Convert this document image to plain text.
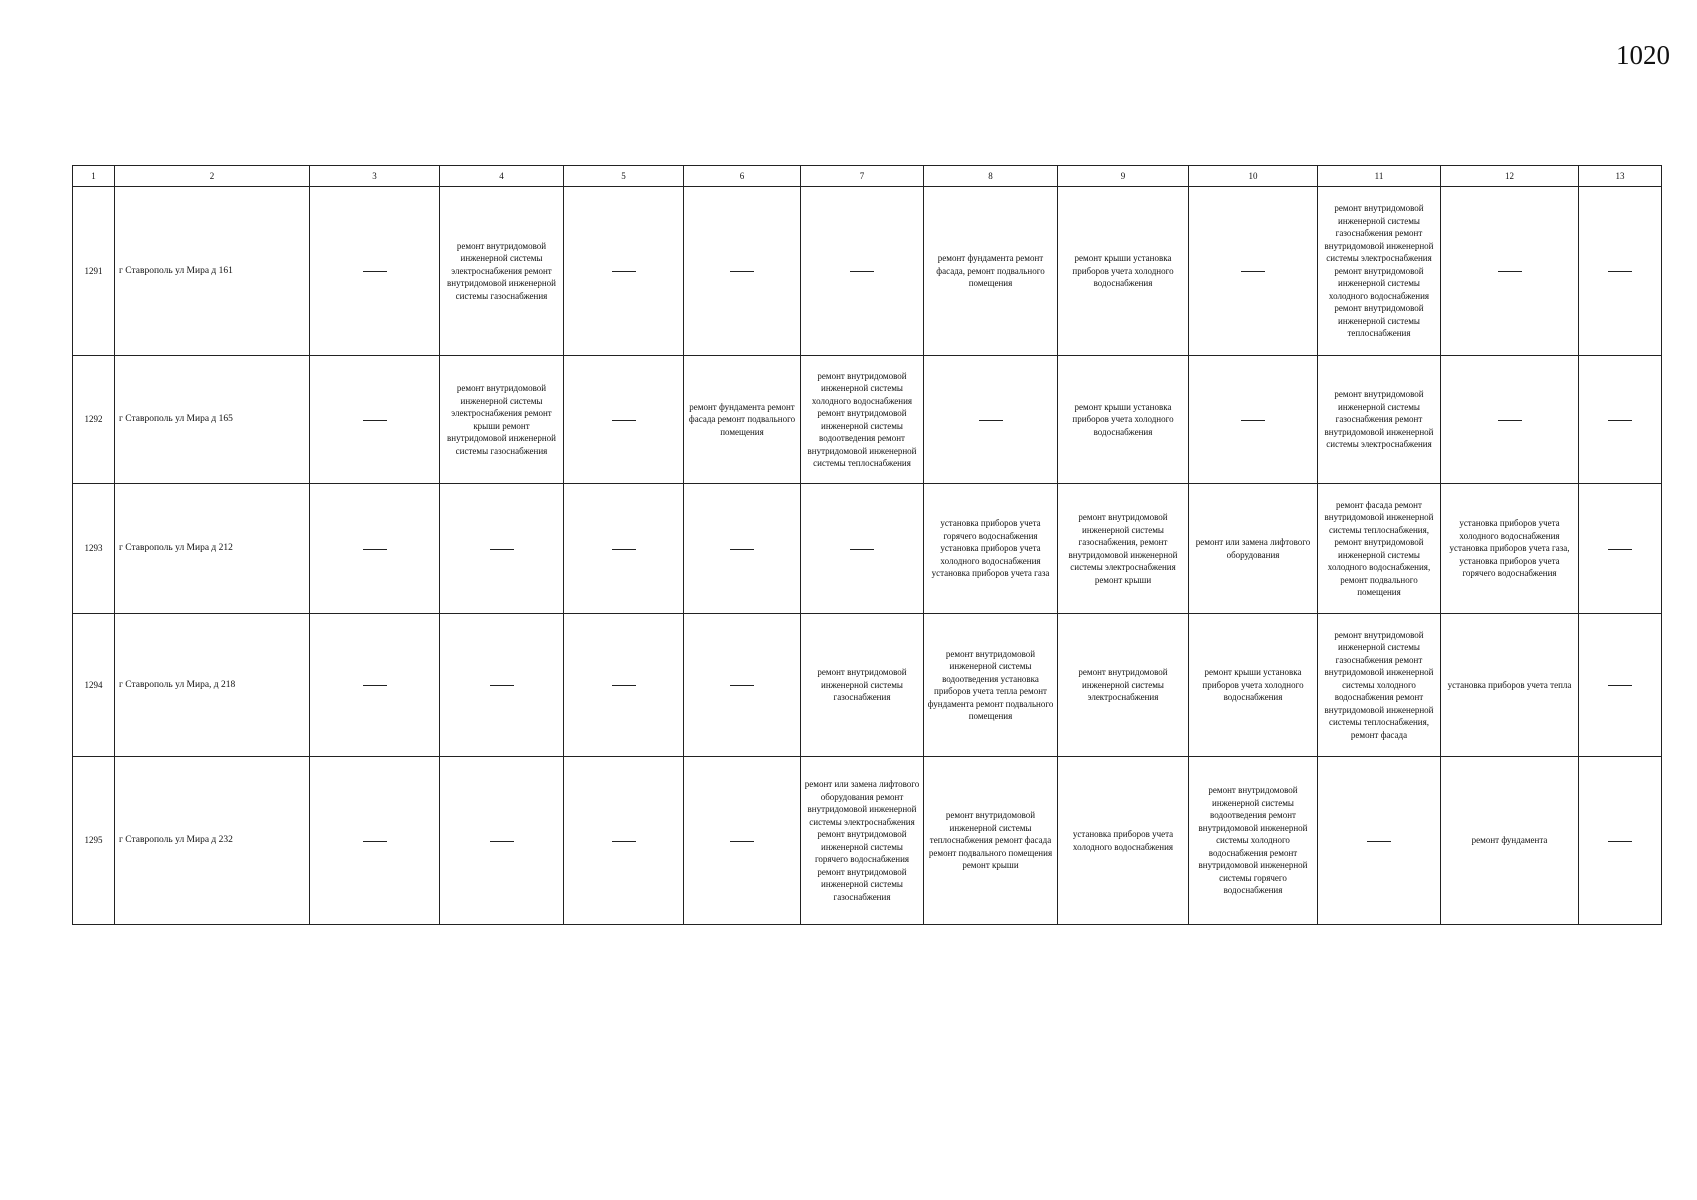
1020
1	2	3	4	5	6	7	8	9	10	11	12	13
1291	г Ставрополь ул Мира д 161		ремонт внутридомовой инженерной системы электроснабжения ремонт внутридомовой инженерной системы газоснабжения				ремонт фундамента ремонт фасада, ремонт подвального помещения	ремонт крыши установка приборов учета холодного водоснабжения		ремонт внутридомовой инженерной системы газоснабжения ремонт внутридомовой инженерной системы электроснабжения ремонт внутридомовой инженерной системы холодного водоснабжения ремонт внутридомовой инженерной системы теплоснабжения		
1292	г Ставрополь ул Мира д 165		ремонт внутридомовой инженерной системы электроснабжения ремонт крыши ремонт внутридомовой инженерной системы газоснабжения		ремонт фундамента ремонт фасада ремонт подвального помещения	ремонт внутридомовой инженерной системы холодного водоснабжения ремонт внутридомовой инженерной системы водоотведения ремонт внутридомовой инженерной системы теплоснабжения		ремонт крыши установка приборов учета холодного водоснабжения		ремонт внутридомовой инженерной системы газоснабжения ремонт внутридомовой инженерной системы электроснабжения		
1293	г Ставрополь ул Мира д 212						установка приборов учета горячего водоснабжения установка приборов учета холодного водоснабжения установка приборов учета газа	ремонт внутридомовой инженерной системы газоснабжения, ремонт внутридомовой инженерной системы электроснабжения ремонт крыши	ремонт или замена лифтового оборудования	ремонт фасада ремонт внутридомовой инженерной системы теплоснабжения, ремонт внутридомовой инженерной системы холодного водоснабжения, ремонт подвального помещения	установка приборов учета холодного водоснабжения установка приборов учета газа, установка приборов учета горячего водоснабжения	
1294	г Ставрополь ул Мира, д 218					ремонт внутридомовой инженерной системы газоснабжения	ремонт внутридомовой инженерной системы водоотведения установка приборов учета тепла ремонт фундамента ремонт подвального помещения	ремонт внутридомовой инженерной системы электроснабжения	ремонт крыши установка приборов учета холодного водоснабжения	ремонт внутридомовой инженерной системы газоснабжения ремонт внутридомовой инженерной системы холодного водоснабжения ремонт внутридомовой инженерной системы теплоснабжения, ремонт фасада	установка приборов учета тепла	
1295	г Ставрополь ул Мира д 232					ремонт или замена лифтового оборудования ремонт внутридомовой инженерной системы электроснабжения ремонт внутридомовой инженерной системы горячего водоснабжения ремонт внутридомовой инженерной системы газоснабжения	ремонт внутридомовой инженерной системы теплоснабжения ремонт фасада ремонт подвального помещения ремонт крыши	установка приборов учета холодного водоснабжения	ремонт внутридомовой инженерной системы водоотведения ремонт внутридомовой инженерной системы холодного водоснабжения ремонт внутридомовой инженерной системы горячего водоснабжения		ремонт фундамента	
